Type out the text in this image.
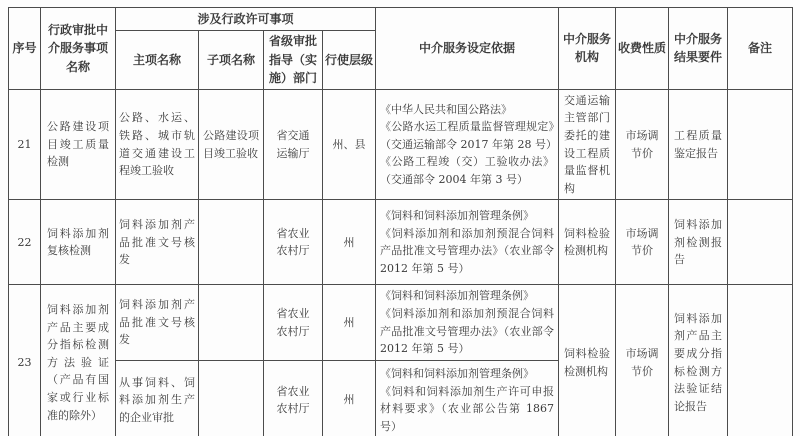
序号	行政审批中介服务事项名称	涉及行政许可事项				中介服务设定依据	中介服务机构	收费性质	中介服务结果要件	备注
		主项名称	子项名称	省级审批指导（实施）部门	行使层级					
21	公路建设项目竣工质量检测	公路、水运、铁路、城市轨道交通建设工程竣工验收	公路建设项目竣工验收	省交通运输厅	州、县	《中华人民共和国公路法》
《公路水运工程质量监督管理规定》（交通运输部令 2017 年第 28 号）
《公路工程竣（交）工验收办法》（交通部令 2004 年第 3 号）	交通运输主管部门委托的建设工程质量监督机构	市场调节价	工程质量鉴定报告	
22	饲料添加剂复核检测	饲料添加剂产品批准文号核发		省农业农村厅	州	《饲料和饲料添加剂管理条例》
《饲料添加剂和添加剂预混合饲料产品批准文号管理办法》（农业部令 2012 年第 5 号）	饲料检验检测机构	市场调节价	饲料添加剂检测报告	
23	饲料添加剂产品主要成分指标检测方法验证（产品有国家或行业标准的除外）	饲料添加剂产品批准文号核发		省农业农村厅	州	《饲料和饲料添加剂管理条例》
《饲料添加剂和添加剂预混合饲料产品批准文号管理办法》（农业部令 2012 年第 5 号）	饲料检验检测机构	市场调节价	饲料添加剂产品主要成分指标检测方法验证结论报告	
		从事饲料、饲料添加剂生产的企业审批		省农业农村厅	州	《饲料和饲料添加剂管理条例》
《饲料和饲料添加剂生产许可申报材料要求》（农业部公告第 1867 号）				
